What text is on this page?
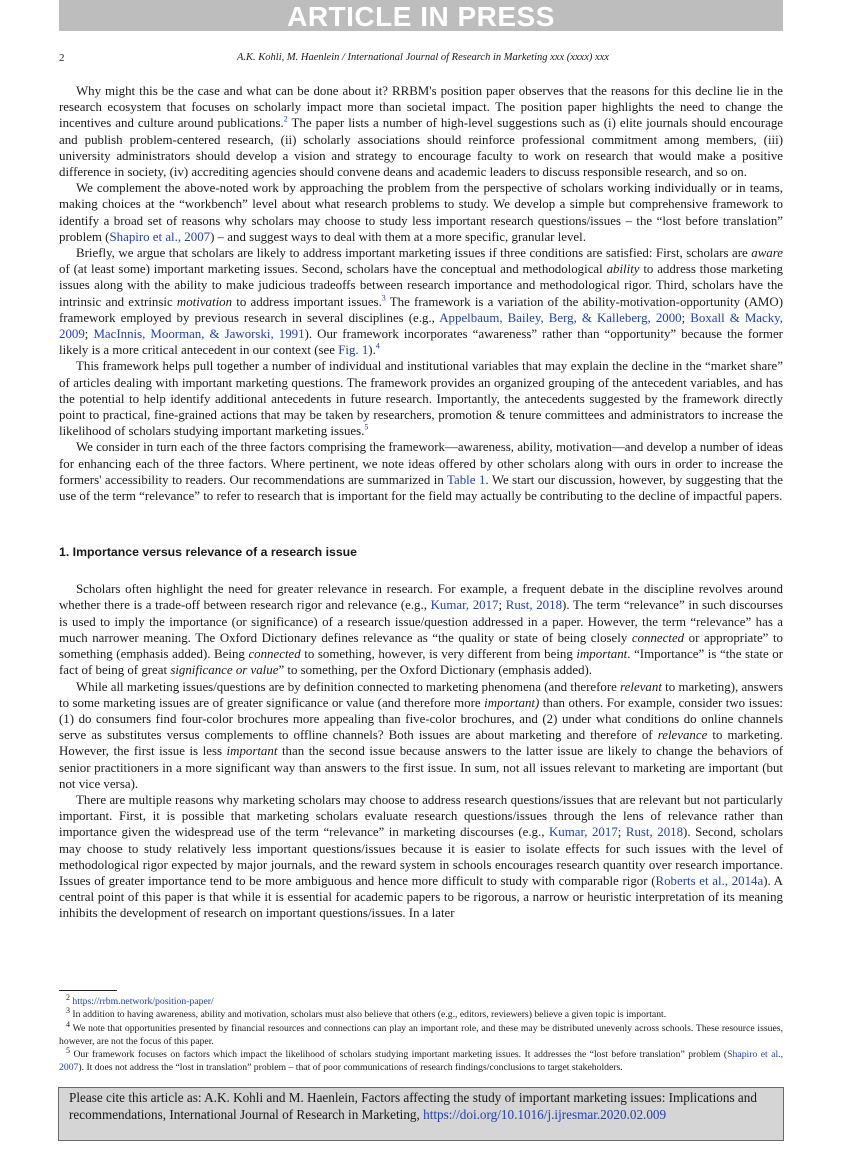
ARTICLE IN PRESS
2	A.K. Kohli, M. Haenlein / International Journal of Research in Marketing xxx (xxxx) xxx

Why might this be the case and what can be done about it? RRBM's position paper observes that the reasons for this decline lie in the research ecosystem that focuses on scholarly impact more than societal impact. The position paper highlights the need to change the incentives and culture around publications.$^2$ The paper lists a number of high-level suggestions such as (i) elite journals should encourage and publish problem-centered research, (ii) scholarly associations should reinforce professional commitment among members, (iii) university administrators should develop a vision and strategy to encourage faculty to work on research that would make a positive difference in society, (iv) accrediting agencies should convene deans and academic leaders to discuss responsible research, and so on.

We complement the above-noted work by approaching the problem from the perspective of scholars working individually or in teams, making choices at the “workbench” level about what research problems to study. We develop a simple but comprehensive framework to identify a broad set of reasons why scholars may choose to study less important research questions/issues – the “lost before translation” problem (Shapiro et al., 2007) – and suggest ways to deal with them at a more specific, granular level.

Briefly, we argue that scholars are likely to address important marketing issues if three conditions are satisfied: First, scholars are aware of (at least some) important marketing issues. Second, scholars have the conceptual and methodological ability to address those marketing issues along with the ability to make judicious tradeoffs between research importance and methodological rigor. Third, scholars have the intrinsic and extrinsic motivation to address important issues.$^3$ The framework is a variation of the ability-motivation-opportunity (AMO) framework employed by previous research in several disciplines (e.g., Appelbaum, Bailey, Berg, & Kalleberg, 2000; Boxall & Macky, 2009; MacInnis, Moorman, & Jaworski, 1991). Our framework incorporates “awareness” rather than “opportunity” because the former likely is a more critical antecedent in our context (see Fig. 1).$^4$

This framework helps pull together a number of individual and institutional variables that may explain the decline in the “market share” of articles dealing with important marketing questions. The framework provides an organized grouping of the antecedent variables, and has the potential to help identify additional antecedents in future research. Importantly, the antecedents suggested by the framework directly point to practical, fine-grained actions that may be taken by researchers, promotion & tenure committees and administrators to increase the likelihood of scholars studying important marketing issues.$^5$

We consider in turn each of the three factors comprising the framework—awareness, ability, motivation—and develop a number of ideas for enhancing each of the three factors. Where pertinent, we note ideas offered by other scholars along with ours in order to increase the formers' accessibility to readers. Our recommendations are summarized in Table 1. We start our discussion, however, by suggesting that the use of the term “relevance” to refer to research that is important for the field may actually be contributing to the decline of impactful papers.

1. Importance versus relevance of a research issue

Scholars often highlight the need for greater relevance in research. For example, a frequent debate in the discipline revolves around whether there is a trade-off between research rigor and relevance (e.g., Kumar, 2017; Rust, 2018). The term “relevance” in such discourses is used to imply the importance (or significance) of a research issue/question addressed in a paper. However, the term “relevance” has a much narrower meaning. The Oxford Dictionary defines relevance as “the quality or state of being closely connected or appropriate” to something (emphasis added). Being connected to something, however, is very different from being important. “Importance” is “the state or fact of being of great significance or value” to something, per the Oxford Dictionary (emphasis added).

While all marketing issues/questions are by definition connected to marketing phenomena (and therefore relevant to marketing), answers to some marketing issues are of greater significance or value (and therefore more important) than others. For example, consider two issues: (1) do consumers find four-color brochures more appealing than five-color brochures, and (2) under what conditions do online channels serve as substitutes versus complements to offline channels? Both issues are about marketing and therefore of relevance to marketing. However, the first issue is less important than the second issue because answers to the latter issue are likely to change the behaviors of senior practitioners in a more significant way than answers to the first issue. In sum, not all issues relevant to marketing are important (but not vice versa).

There are multiple reasons why marketing scholars may choose to address research questions/issues that are relevant but not particularly important. First, it is possible that marketing scholars evaluate research questions/issues through the lens of relevance rather than importance given the widespread use of the term “relevance” in marketing discourses (e.g., Kumar, 2017; Rust, 2018). Second, scholars may choose to study relatively less important questions/issues because it is easier to isolate effects for such issues with the level of methodological rigor expected by major journals, and the reward system in schools encourages research quantity over research importance. Issues of greater importance tend to be more ambiguous and hence more difficult to study with comparable rigor (Roberts et al., 2014a). A central point of this paper is that while it is essential for academic papers to be rigorous, a narrow or heuristic interpretation of its meaning inhibits the development of research on important questions/issues. In a later

$^2$ https://rrbm.network/position-paper/

$^3$ In addition to having awareness, ability and motivation, scholars must also believe that others (e.g., editors, reviewers) believe a given topic is important.

$^4$ We note that opportunities presented by financial resources and connections can play an important role, and these may be distributed unevenly across schools. These resource issues, however, are not the focus of this paper.

$^5$ Our framework focuses on factors which impact the likelihood of scholars studying important marketing issues. It addresses the “lost before translation” problem (Shapiro et al., 2007). It does not address the “lost in translation” problem – that of poor communications of research findings/conclusions to target stakeholders.

Please cite this article as: A.K. Kohli and M. Haenlein, Factors affecting the study of important marketing issues: Implications and recommendations, International Journal of Research in Marketing, https://doi.org/10.1016/j.ijresmar.2020.02.009
